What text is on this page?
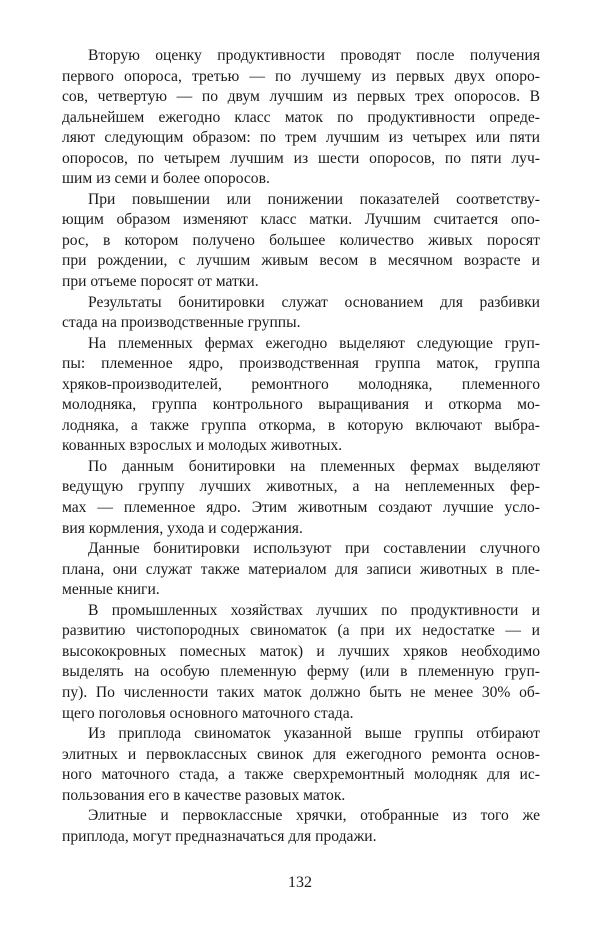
Вторую оценку продуктивности проводят после получения
первого опороса, третью — по лучшему из первых двух опоро-
сов, четвертую — по двум лучшим из первых трех опоросов. В
дальнейшем ежегодно класс маток по продуктивности опреде-
ляют следующим образом: по трем лучшим из четырех или пяти
опоросов, по четырем лучшим из шести опоросов, по пяти луч-
шим из семи и более опоросов.
При повышении или понижении показателей соответству-
ющим образом изменяют класс матки. Лучшим считается опо-
рос, в котором получено большее количество живых поросят
при рождении, с лучшим живым весом в месячном возрасте и
при отъеме поросят от матки.
Результаты бонитировки служат основанием для разбивки
стада на производственные группы.
На племенных фермах ежегодно выделяют следующие груп-
пы: племенное ядро, производственная группа маток, группа
хряков-производителей, ремонтного молодняка, племенного
молодняка, группа контрольного выращивания и откорма мо-
лодняка, а также группа откорма, в которую включают выбра-
кованных взрослых и молодых животных.
По данным бонитировки на племенных фермах выделяют
ведущую группу лучших животных, а на неплеменных фер-
мах — племенное ядро. Этим животным создают лучшие усло-
вия кормления, ухода и содержания.
Данные бонитировки используют при составлении случного
плана, они служат также материалом для записи животных в пле-
менные книги.
В промышленных хозяйствах лучших по продуктивности и
развитию чистопородных свиноматок (а при их недостатке — и
высококровных помесных маток) и лучших хряков необходимо
выделять на особую племенную ферму (или в племенную груп-
пу). По численности таких маток должно быть не менее 30% об-
щего поголовья основного маточного стада.
Из приплода свиноматок указанной выше группы отбирают
элитных и первоклассных свинок для ежегодного ремонта основ-
ного маточного стада, а также сверхремонтный молодняк для ис-
пользования его в качестве разовых маток.
Элитные и первоклассные хрячки, отобранные из того же
приплода, могут предназначаться для продажи.
132
